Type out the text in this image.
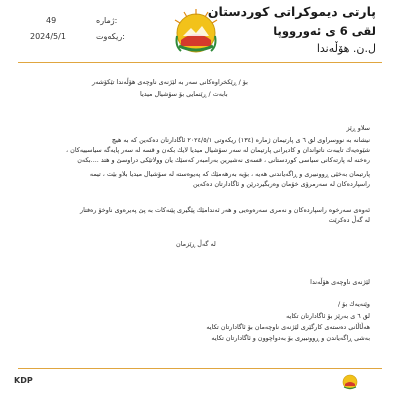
پارتی دیموكراتی كوردستان
لقی 6 ی ئەورووپا
ل.ن. هۆڵەندا
:ژمارە
49
:ریكەوت
2024/5/1
بۆ / ڕێكخراوەكانی سەر بە لێژنەی ناوچەی هۆڵەندا تێكۆشەر
بابەت / ڕێنمایی بۆ سۆشیال میدیا
سلاو ڕێز
نیشانە بە نووسراوی لق ٦ ی پارتیمان ژمارە (١٣٤) ریكەوتی ٢٠٢٤/٥/١ ئاگادارتان دەكەین كە بە هیچ
شێوەیەك تایبەت ناتواندان و كادیرانی پارتیمان لە سەر سۆشیال میدیا لایك بكەن و قسە لە سەر پایەگە سیاسییەكان ،
رەخنە لە پارتەكانی سیاسی كوردستانی ، قسەی نەشیرین بەرامبەر كەسێك یان وولاتێكی دراوسێ و هتد ....بکەن
پارتیمان بەخێی ڕوونبیری و ڕاگەیاندنی هەیە ، بۆیە بەرهەمێك كە پەیوەستە لە سۆشیال میدیا بلاو بێت ، تیمە
راسپاردەكان لە سەرمرۆی خۆمان وەربگیردرێن و ئاگادارتان دەكەین
ئەوەی سەرخوە راسپاردەكان و نەمری سەرەوەیی و هەر ئەندامێك پێگیری پێنەكات بە پێ پەیرەوی ناوخۆ رەفتار
لە گەڵ دەكرێت
لە گەڵ ڕێزمان
لێژنەی ناوچەی هۆڵەندا
وێنەیەك بۆ /
لق ٦ ی بەرێز بۆ ئاگادارتان تكایە
هەڵاڵانی دەستەی كارگێری لێژنەی ناوچەمان بۆ ئاگادارتان تكایە
بەشی ڕاگەیاندن و ڕوونبیری بۆ بەدواچوون و ئاگادارتان تكایە
KDP
